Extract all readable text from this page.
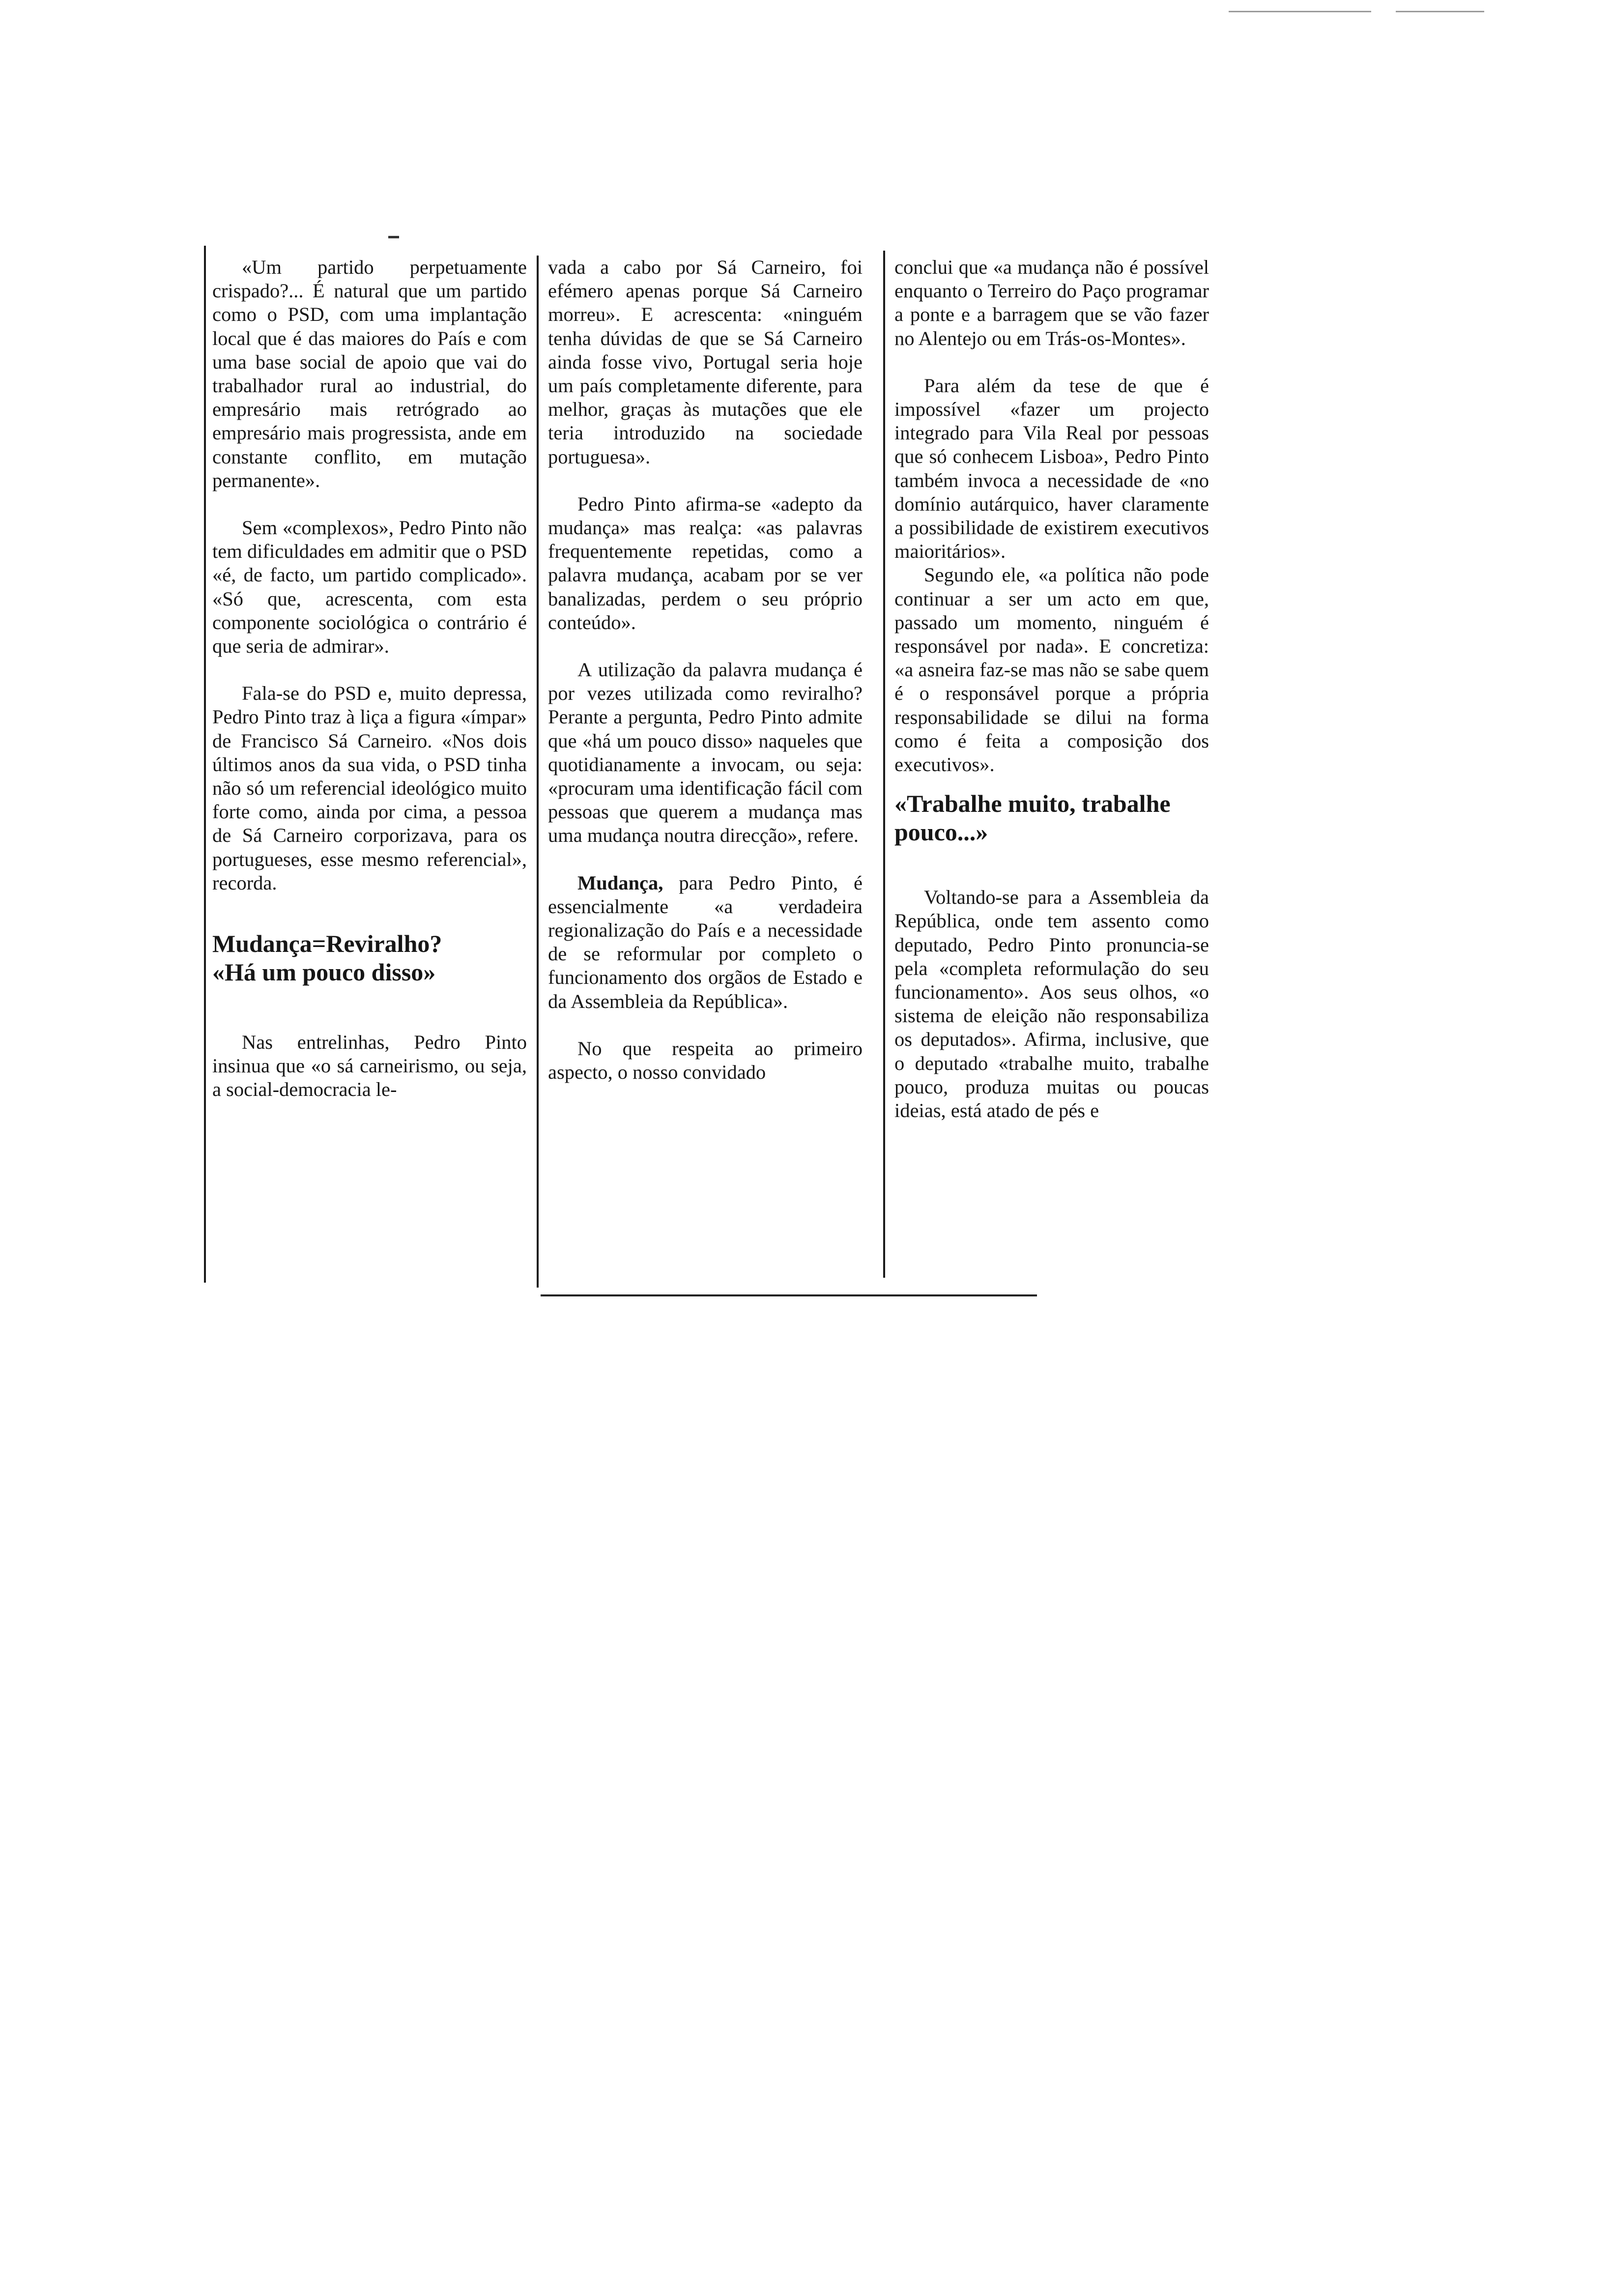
«Um partido perpetuamente crispado?... É natural que um partido como o PSD, com uma implantação local que é das maiores do País e com uma base social de apoio que vai do trabalhador rural ao industrial, do empresário mais retrógrado ao empresário mais progressista, ande em constante conflito, em mutação permanente».

Sem «complexos», Pedro Pinto não tem dificuldades em admitir que o PSD «é, de facto, um partido complicado». «Só que, acrescenta, com esta componente sociológica o contrário é que seria de admirar».

Fala-se do PSD e, muito depressa, Pedro Pinto traz à liça a figura «ímpar» de Francisco Sá Carneiro. «Nos dois últimos anos da sua vida, o PSD tinha não só um referencial ideológico muito forte como, ainda por cima, a pessoa de Sá Carneiro corporizava, para os portugueses, esse mesmo referencial», recorda.

Mudança=Reviralho?
«Há um pouco disso»

Nas entrelinhas, Pedro Pinto insinua que «o sá carneirismo, ou seja, a social-democracia le-

vada a cabo por Sá Carneiro, foi efémero apenas porque Sá Carneiro morreu». E acrescenta: «ninguém tenha dúvidas de que se Sá Carneiro ainda fosse vivo, Portugal seria hoje um país completamente diferente, para melhor, graças às mutações que ele teria introduzido na sociedade portuguesa».

Pedro Pinto afirma-se «adepto da mudança» mas realça: «as palavras frequentemente repetidas, como a palavra mudança, acabam por se ver banalizadas, perdem o seu próprio conteúdo».

A utilização da palavra mudança é por vezes utilizada como reviralho? Perante a pergunta, Pedro Pinto admite que «há um pouco disso» naqueles que quotidianamente a invocam, ou seja: «procuram uma identificação fácil com pessoas que querem a mudança mas uma mudança noutra direcção», refere.

Mudança, para Pedro Pinto, é essencialmente «a verdadeira regionalização do País e a necessidade de se reformular por completo o funcionamento dos orgãos de Estado e da Assembleia da República».

No que respeita ao primeiro aspecto, o nosso convidado

conclui que «a mudança não é possível enquanto o Terreiro do Paço programar a ponte e a barragem que se vão fazer no Alentejo ou em Trás-os-Montes».

Para além da tese de que é impossível «fazer um projecto integrado para Vila Real por pessoas que só conhecem Lisboa», Pedro Pinto também invoca a necessidade de «no domínio autárquico, haver claramente a possibilidade de existirem executivos maioritários».

Segundo ele, «a política não pode continuar a ser um acto em que, passado um momento, ninguém é responsável por nada». E concretiza: «a asneira faz-se mas não se sabe quem é o responsável porque a própria responsabilidade se dilui na forma como é feita a composição dos executivos».

«Trabalhe muito, trabalhe
pouco...»

Voltando-se para a Assembleia da República, onde tem assento como deputado, Pedro Pinto pronuncia-se pela «completa reformulação do seu funcionamento». Aos seus olhos, «o sistema de eleição não responsabiliza os deputados». Afirma, inclusive, que o deputado «trabalhe muito, trabalhe pouco, produza muitas ou poucas ideias, está atado de pés e
